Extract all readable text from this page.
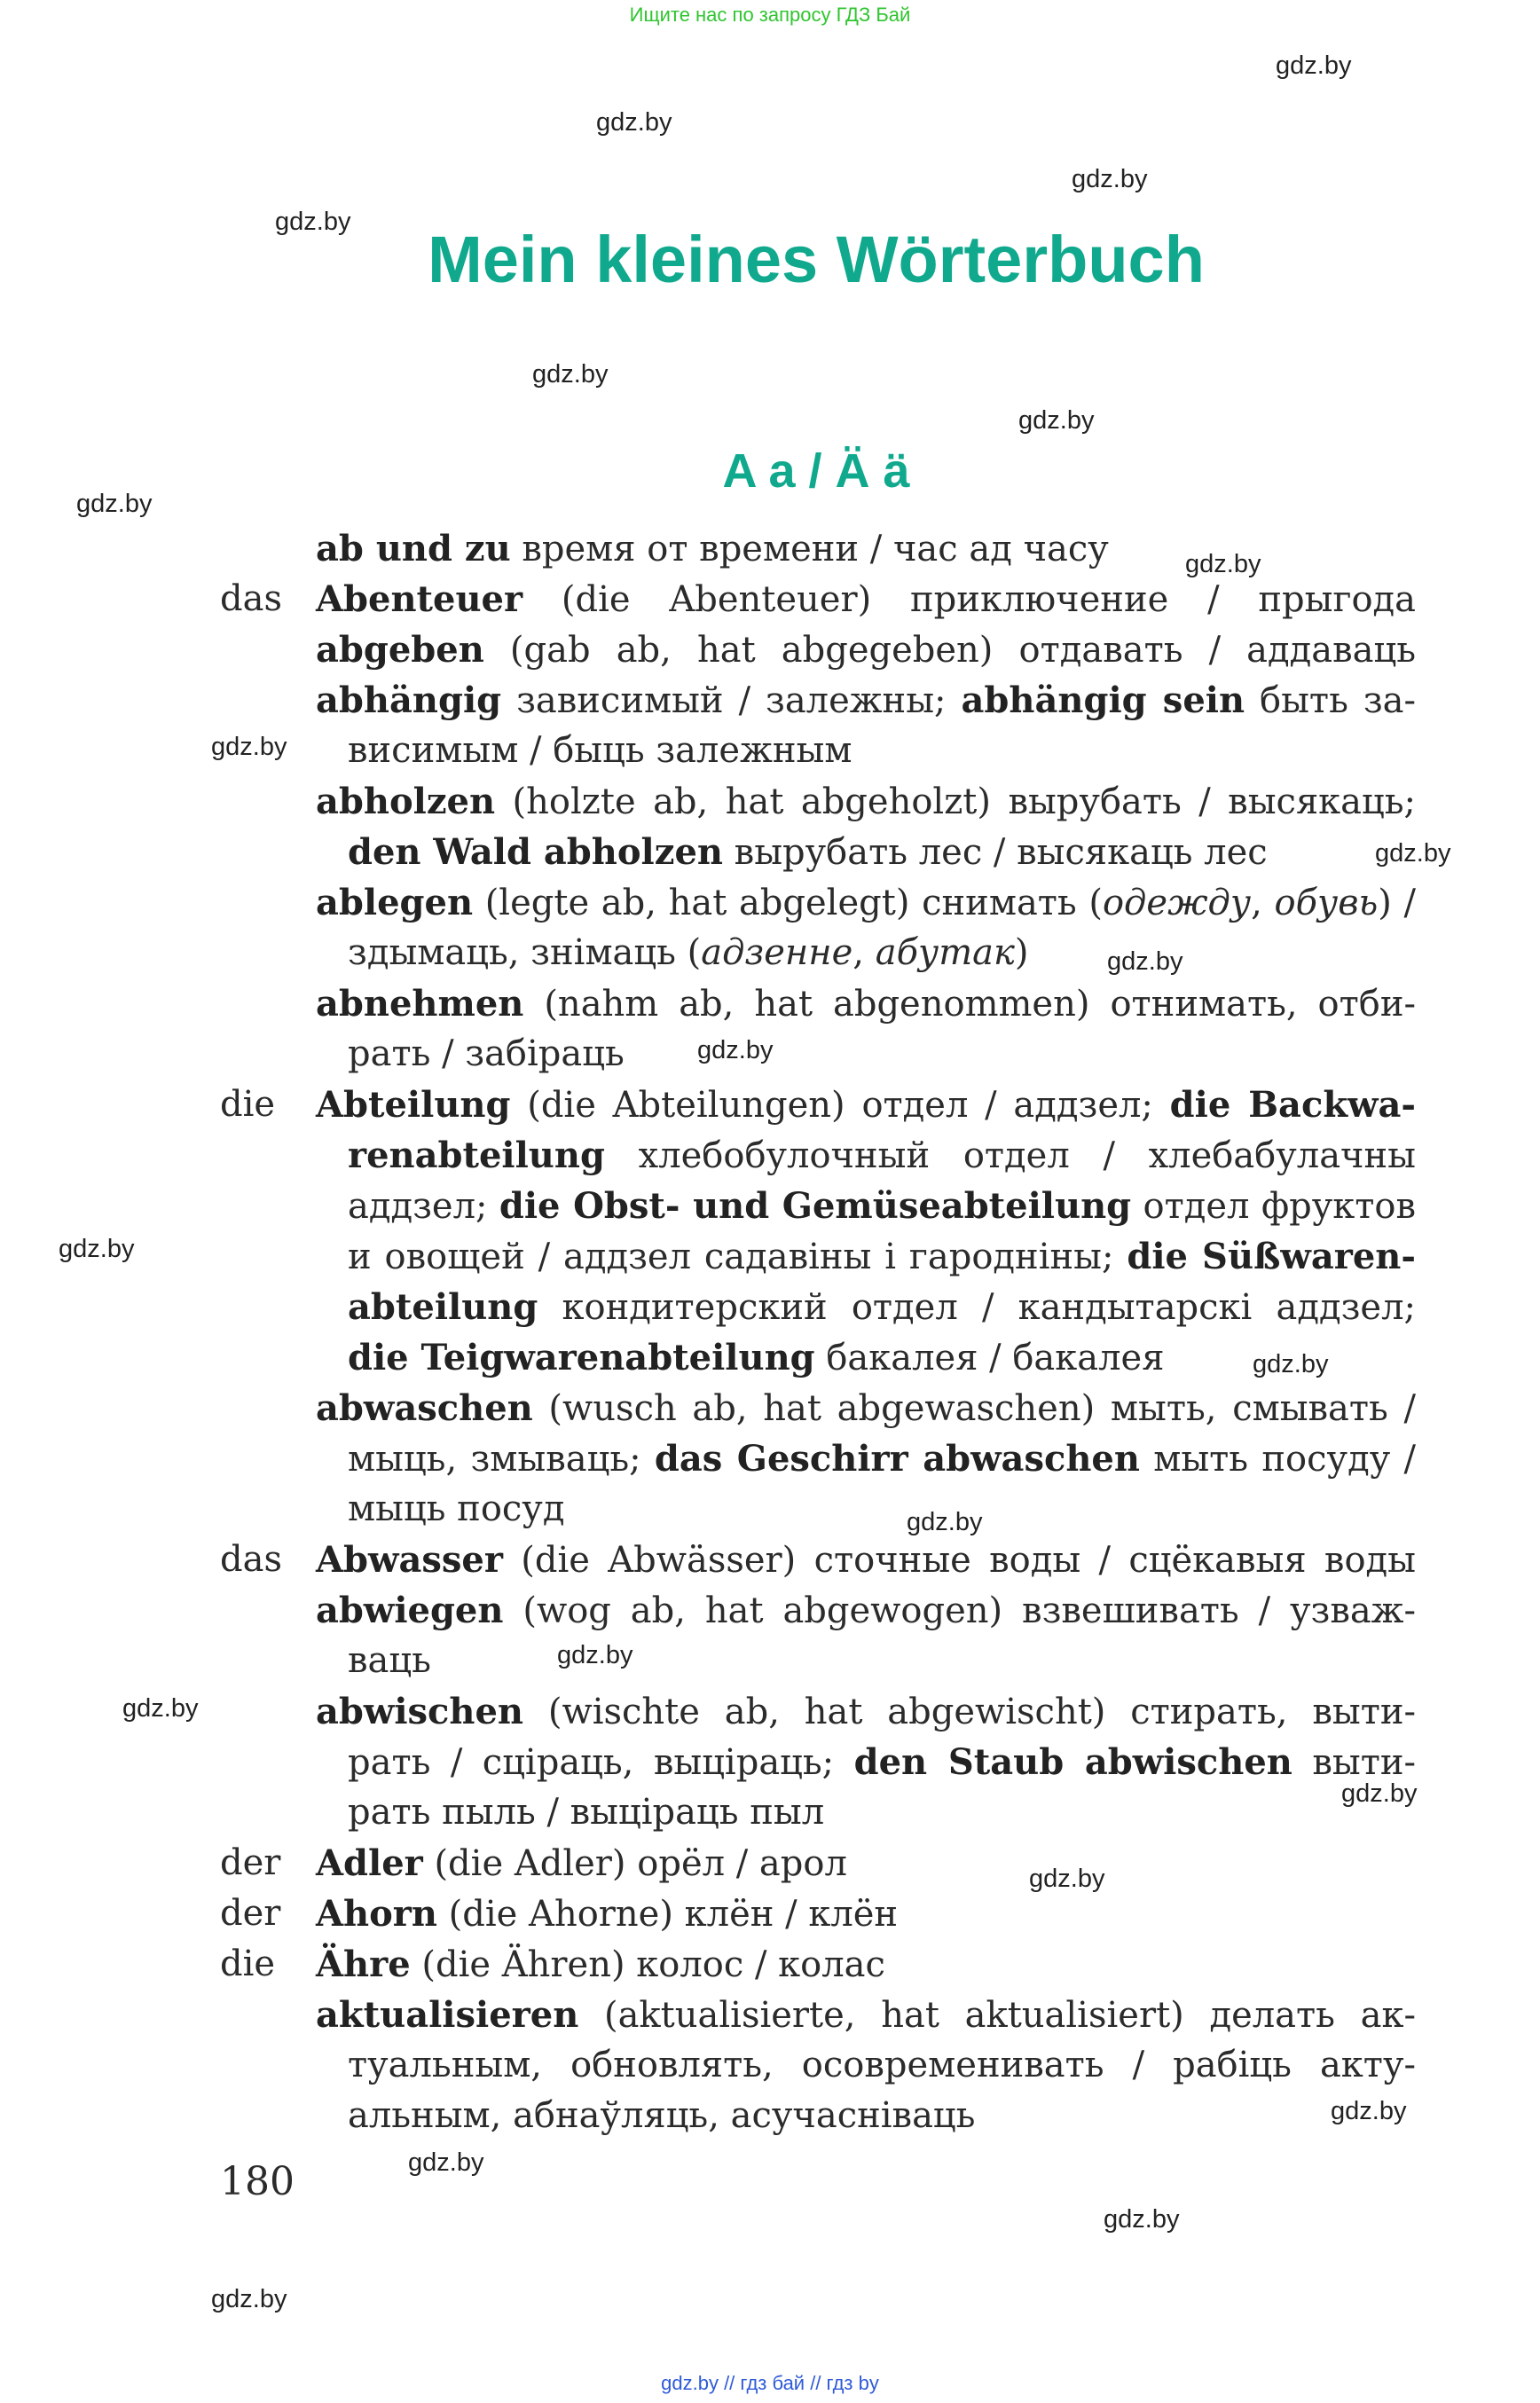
Ищите нас по запросу ГДЗ Бай
gdz.by
gdz.by
gdz.by
gdz.by
gdz.by
gdz.by
gdz.by
gdz.by
gdz.by
gdz.by
gdz.by
gdz.by
gdz.by
gdz.by
gdz.by
gdz.by
gdz.by
gdz.by
gdz.by
gdz.by
gdz.by
gdz.by
gdz.by
Mein kleines Wörterbuch
A a / Ä ä
ab und zu время от времени / час ад часу
das Abenteuer (die Abenteuer) приключение / прыгода
abgeben (gab ab, hat abgegeben) отдавать / аддаваць
abhängig зависимый / залежны; abhängig sein быть за-
висимым / быць залежным
abholzen (holzte ab, hat abgeholzt) вырубать / высякаць;
den Wald abholzen вырубать лес / высякаць лес
ablegen (legte ab, hat abgelegt) снимать (одежду, обувь) /
здымаць, знімаць (адзенне, абутак)
abnehmen (nahm ab, hat abgenommen) отнимать, отби-
рать / забіраць
die Abteilung (die Abteilungen) отдел / аддзел; die Backwa-
renabteilung хлебобулочный отдел / хлебабулачны
аддзел; die Obst- und Gemüseabteilung отдел фруктов
и овощей / аддзел садавіны і гародніны; die Süßwaren-
abteilung кондитерский отдел / кандытарскі аддзел;
die Teigwarenabteilung бакалея / бакалея
abwaschen (wusch ab, hat abgewaschen) мыть, смывать /
мыць, змываць; das Geschirr abwaschen мыть посуду /
мыць посуд
das Abwasser (die Abwässer) сточные воды / сцёкавыя воды
abwiegen (wog ab, hat abgewogen) взвешивать / узваж-
ваць
abwischen (wischte ab, hat abgewischt) стирать, выти-
рать / сціраць, выціраць; den Staub abwischen выти-
рать пыль / выціраць пыл
der Adler (die Adler) орёл / арол
der Ahorn (die Ahorne) клён / клён
die Ähre (die Ähren) колос / колас
aktualisieren (aktualisierte, hat aktualisiert) делать ак-
туальным, обновлять, осовременивать / рабіць акту-
альным, абнаўляць, асучасніваць
180
gdz.by // гдз бай // гдз by
